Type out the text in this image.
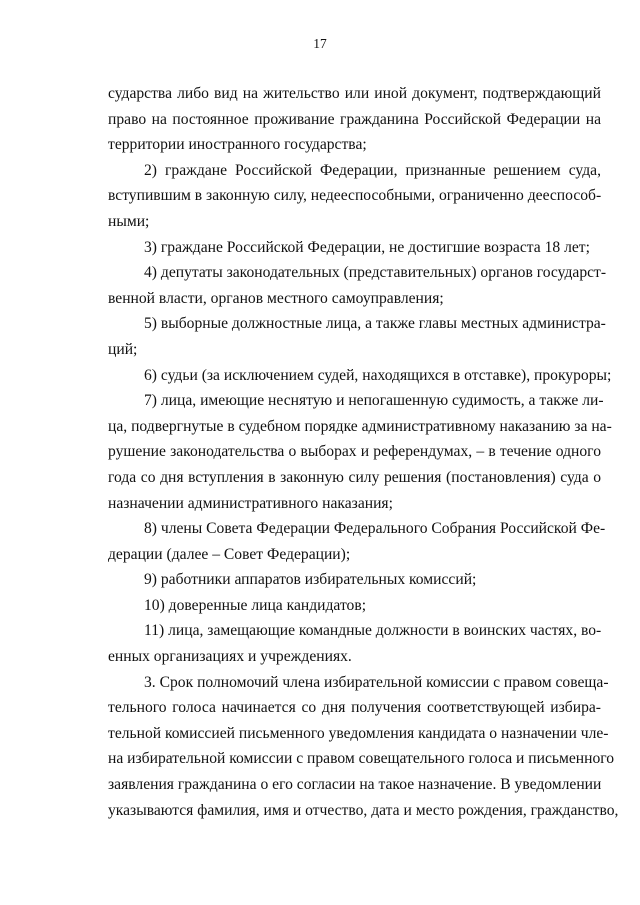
17
сударства либо вид на жительство или иной документ, подтверждающий
право на постоянное проживание гражданина Российской Федерации на
территории иностранного государства;
2) граждане Российской Федерации, признанные решением суда,
вступившим в законную силу, недееспособными, ограниченно дееспособ-
ными;
3) граждане Российской Федерации, не достигшие возраста 18 лет;
4) депутаты законодательных (представительных) органов государст-
венной власти, органов местного самоуправления;
5) выборные должностные лица, а также главы местных администра-
ций;
6) судьи (за исключением судей, находящихся в отставке), прокуроры;
7) лица, имеющие неснятую и непогашенную судимость, а также ли-
ца, подвергнутые в судебном порядке административному наказанию за на-
рушение законодательства о выборах и референдумах, – в течение одного
года со дня вступления в законную силу решения (постановления) суда о
назначении административного наказания;
8) члены Совета Федерации Федерального Собрания Российской Фе-
дерации (далее – Совет Федерации);
9) работники аппаратов избирательных комиссий;
10) доверенные лица кандидатов;
11) лица, замещающие командные должности в воинских частях, во-
енных организациях и учреждениях.
3. Срок полномочий члена избирательной комиссии с правом совеща-
тельного голоса начинается со дня получения соответствующей избира-
тельной комиссией письменного уведомления кандидата о назначении чле-
на избирательной комиссии с правом совещательного голоса и письменного
заявления гражданина о его согласии на такое назначение. В уведомлении
указываются фамилия, имя и отчество, дата и место рождения, гражданство,
